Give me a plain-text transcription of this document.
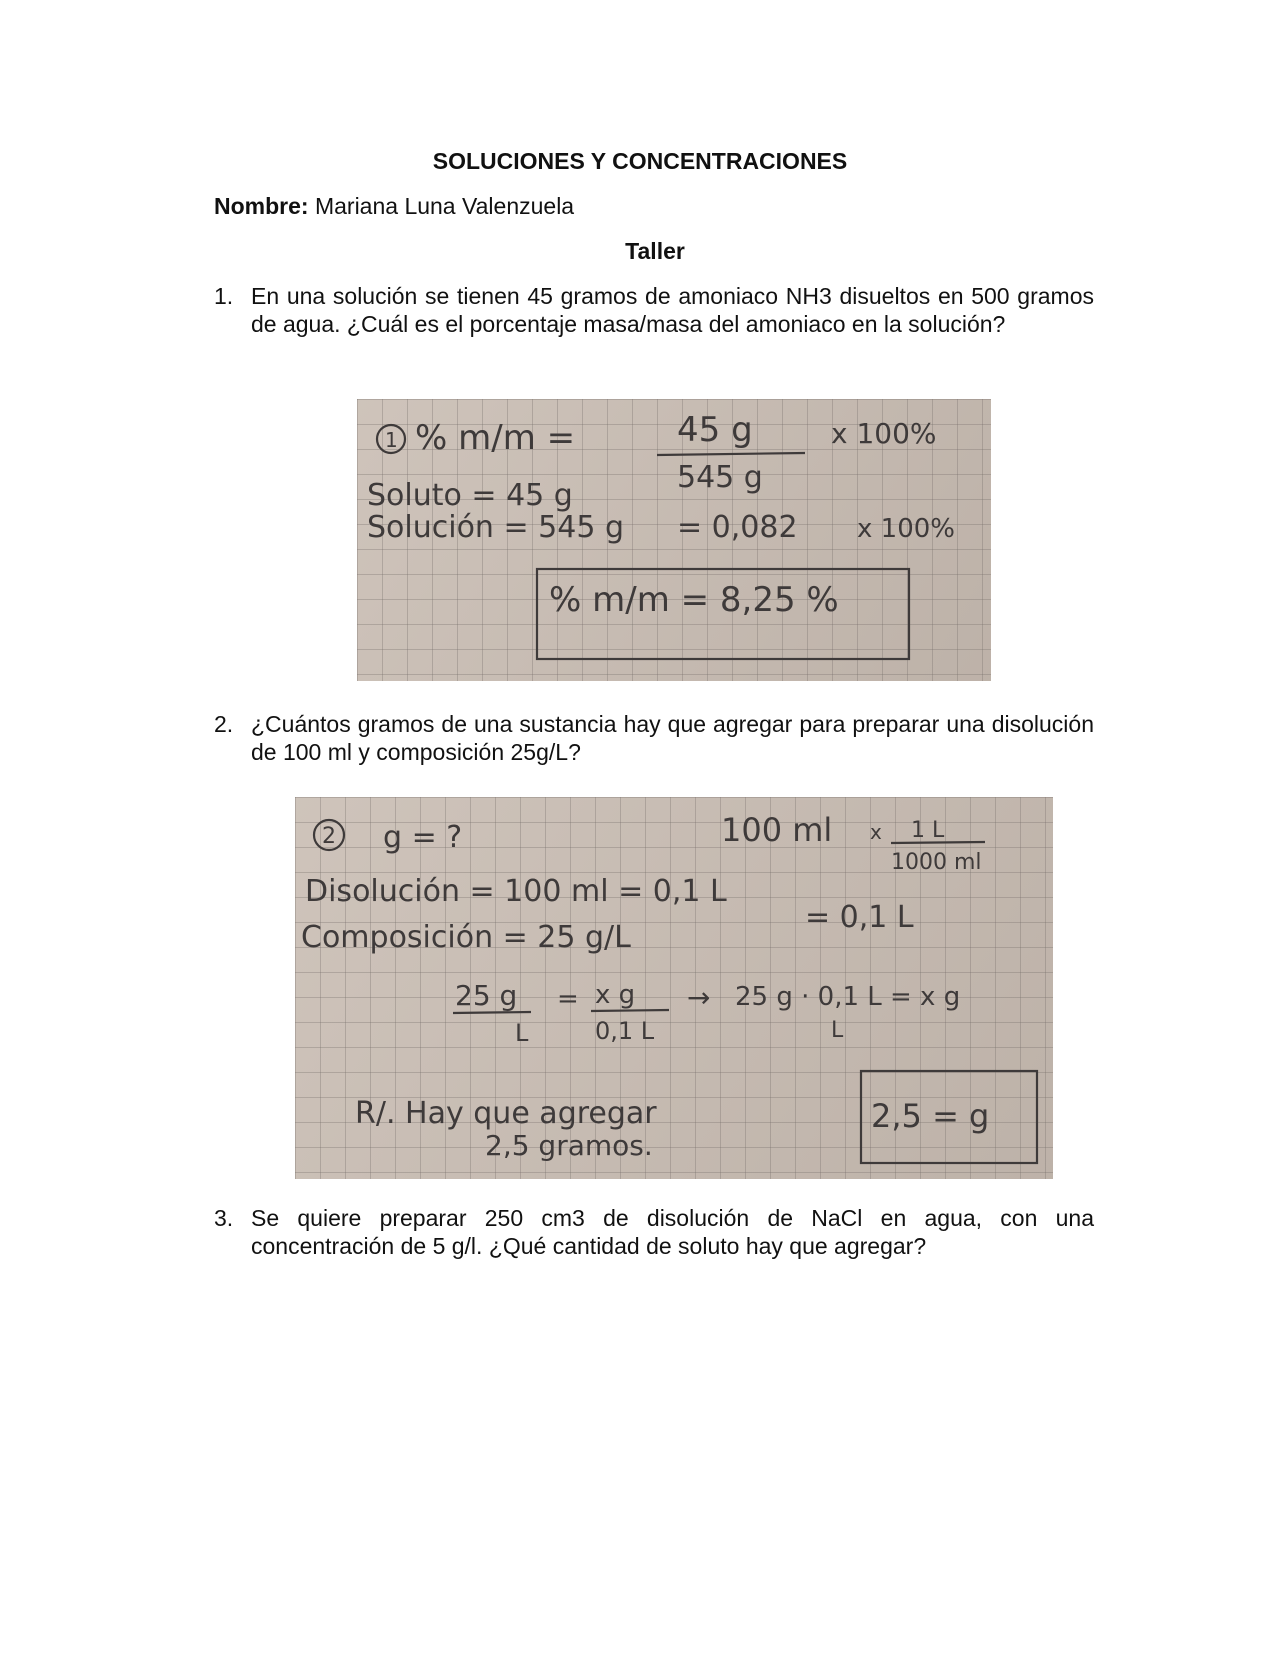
SOLUCIONES Y CONCENTRACIONES
Nombre: Mariana Luna Valenzuela
Taller
1. En una solución se tienen 45 gramos de amoniaco NH3 disueltos en 500 gramos de agua. ¿Cuál es el porcentaje masa/masa del amoniaco en la solución?
1 % m/m =	45 g
545 g
x 100%
Soluto = 45 g
Solución = 545 g = 0,082 x 100%
% m/m = 8,25 %
2. ¿Cuántos gramos de una sustancia hay que agregar para preparar una disolución de 100 ml y composición 25g/L?
2 g = ?	100 ml x 1 L
1000 ml
Disolución = 100 ml = 0,1 L
= 0,1 L
Composición = 25 g/L
25 g
L
= x g
0,1 L
→ 25 g · 0,1 L = x g
L
R/. Hay que agregar
2,5 gramos.
2,5 = g
3. Se quiere preparar 250 cm3 de disolución de NaCl en agua, con una concentración de 5 g/l. ¿Qué cantidad de soluto hay que agregar?
